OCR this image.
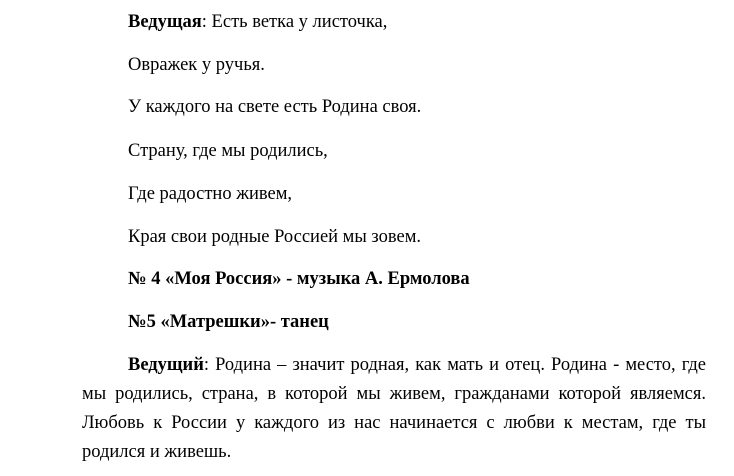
Ведущая: Есть ветка у листочка,
Овражек у ручья.
У каждого на свете есть Родина своя.
Страну, где мы родились,
Где радостно живем,
Края свои родные Россией мы зовем.
№ 4 «Моя Россия» - музыка А. Ермолова
№5 «Матрешки»- танец
Ведущий: Родина – значит родная, как мать и отец. Родина - место, где мы родились, страна, в которой мы живем, гражданами которой являемся. Любовь к России у каждого из нас начинается с любви к местам, где ты родился и живешь.
